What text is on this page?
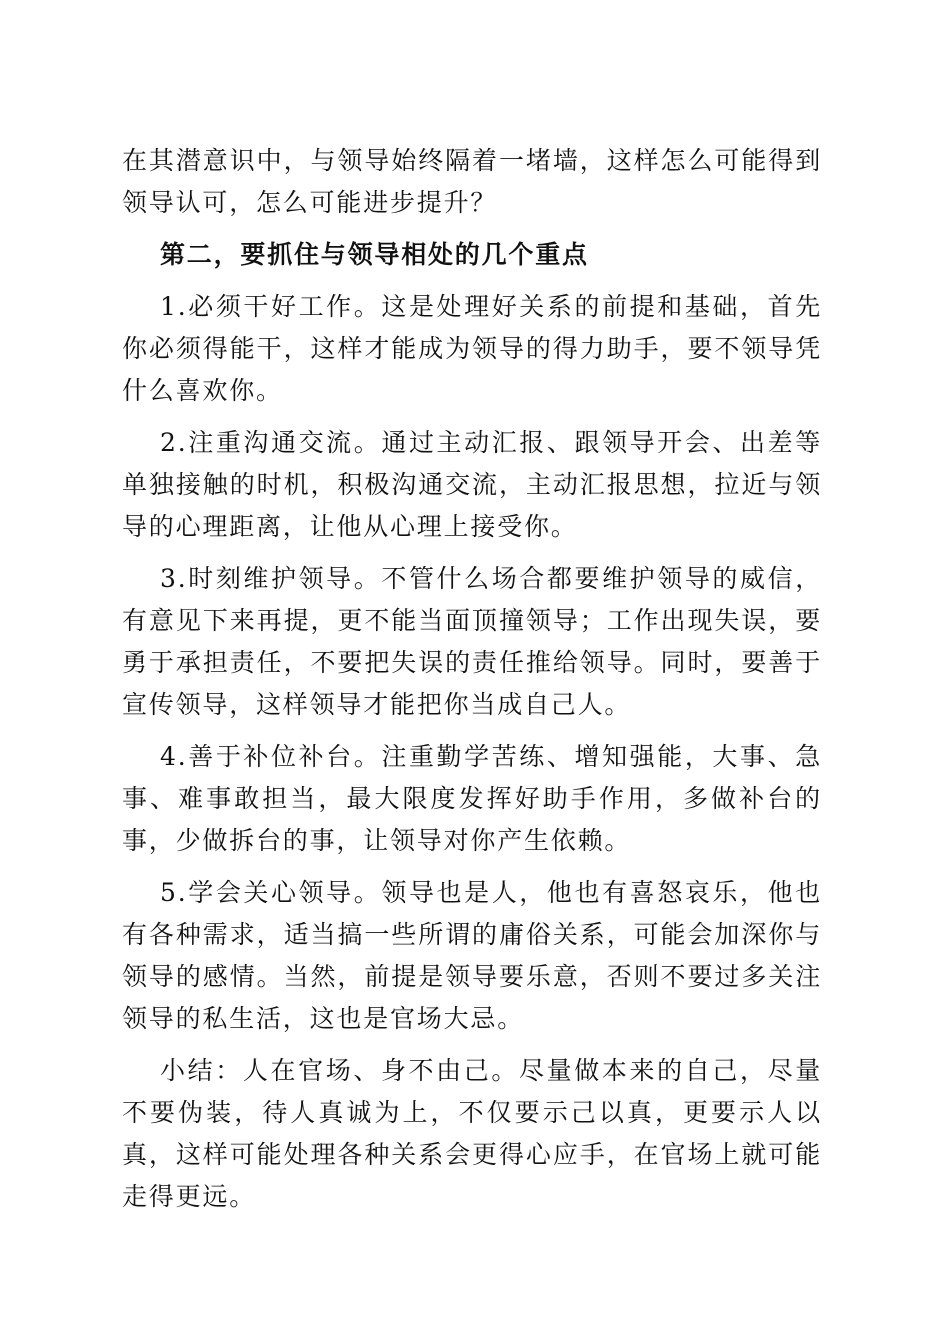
在其潜意识中，与领导始终隔着一堵墙，这样怎么可能得到领导认可，怎么可能进步提升？

第二，要抓住与领导相处的几个重点

1.必须干好工作。这是处理好关系的前提和基础，首先你必须得能干，这样才能成为领导的得力助手，要不领导凭什么喜欢你。

2.注重沟通交流。通过主动汇报、跟领导开会、出差等单独接触的时机，积极沟通交流，主动汇报思想，拉近与领导的心理距离，让他从心理上接受你。

3.时刻维护领导。不管什么场合都要维护领导的威信，有意见下来再提，更不能当面顶撞领导；工作出现失误，要勇于承担责任，不要把失误的责任推给领导。同时，要善于宣传领导，这样领导才能把你当成自己人。

4.善于补位补台。注重勤学苦练、增知强能，大事、急事、难事敢担当，最大限度发挥好助手作用，多做补台的事，少做拆台的事，让领导对你产生依赖。

5.学会关心领导。领导也是人，他也有喜怒哀乐，他也有各种需求，适当搞一些所谓的庸俗关系，可能会加深你与领导的感情。当然，前提是领导要乐意，否则不要过多关注领导的私生活，这也是官场大忌。

小结：人在官场、身不由己。尽量做本来的自己，尽量不要伪装，待人真诚为上，不仅要示己以真，更要示人以真，这样可能处理各种关系会更得心应手，在官场上就可能走得更远。
